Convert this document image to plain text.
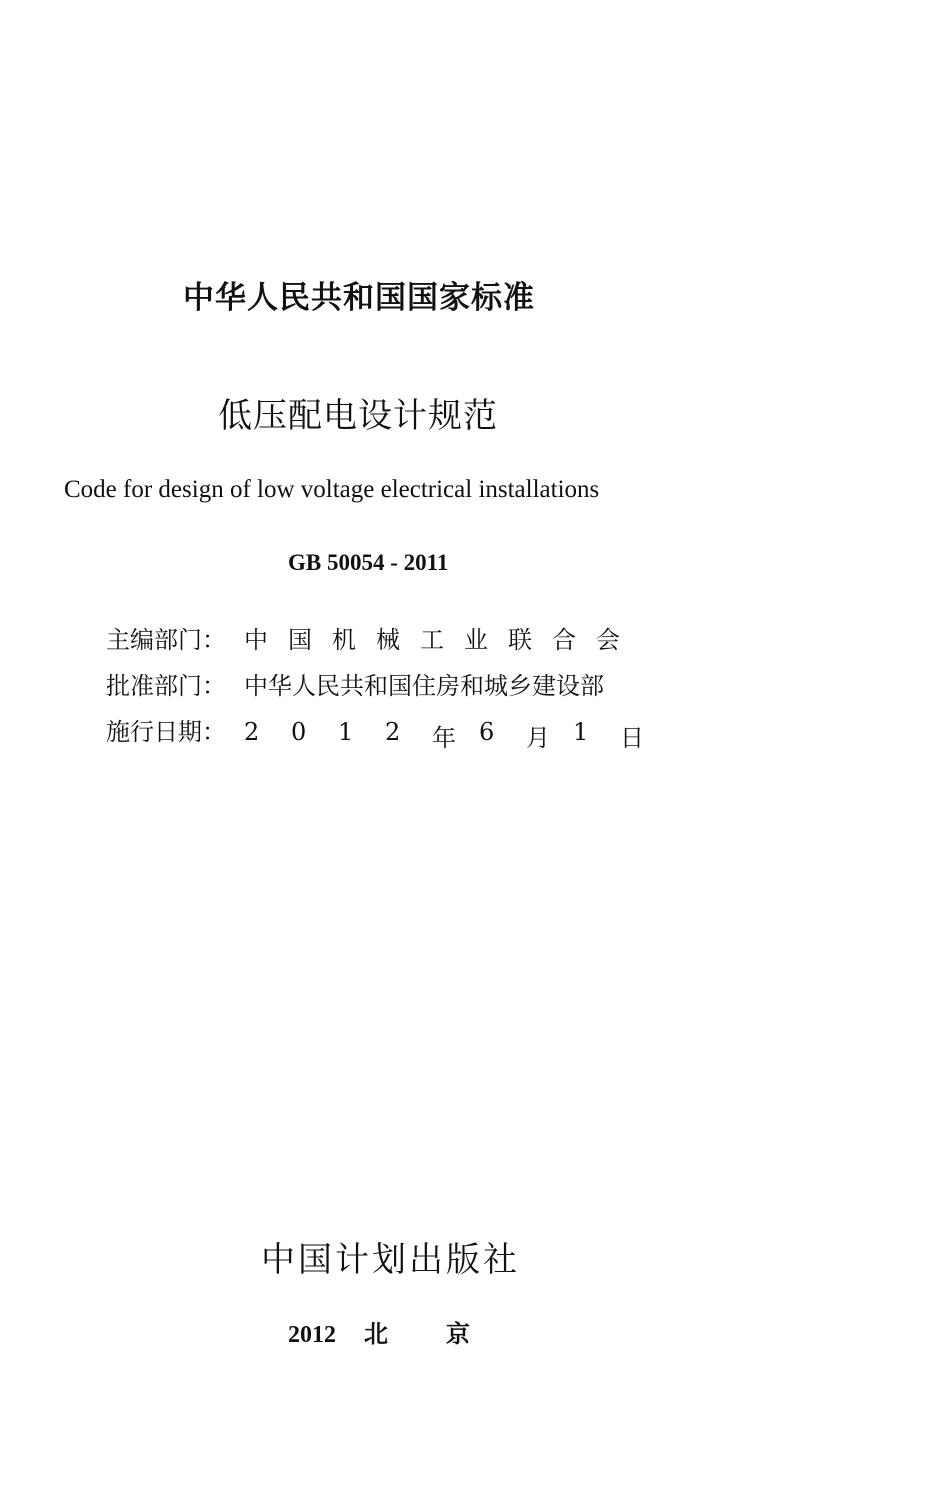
中华人民共和国国家标准
低压配电设计规范
Code for design of low voltage electrical installations
GB 50054 - 2011
主编部门： 中国机械工业联合会
批准部门： 中华人民共和国住房和城乡建设部
施行日期： 2	0	1	2	年 6	月 1	日
中国计划出版社
2012 北京
